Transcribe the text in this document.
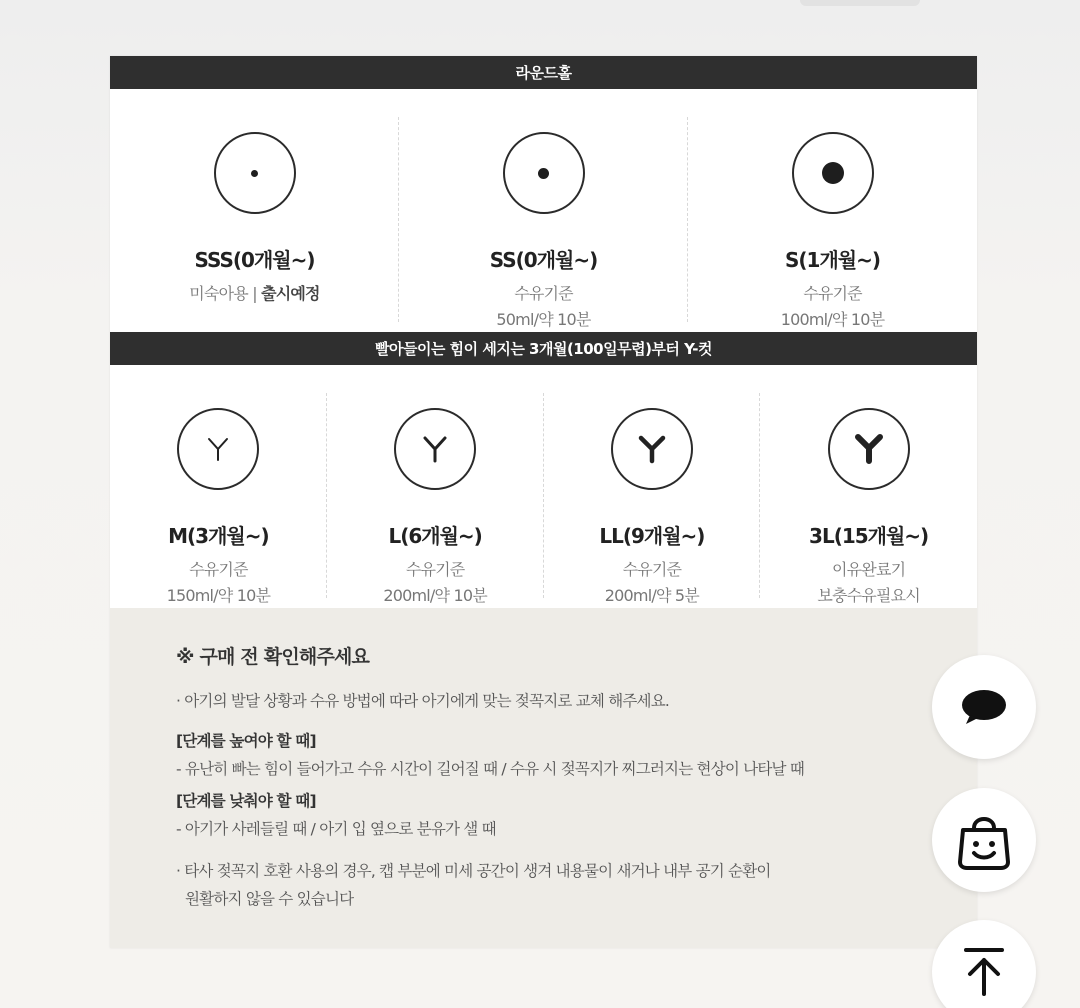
라운드홀
SSS(0개월~)
미숙아용 | 출시예정
SS(0개월~)
수유기준
50ml/약 10분
S(1개월~)
수유기준
100ml/약 10분
빨아들이는 힘이 세지는 3개월(100일무렵)부터 Y-컷
M(3개월~)
수유기준
150ml/약 10분
L(6개월~)
수유기준
200ml/약 10분
LL(9개월~)
수유기준
200ml/약 5분
3L(15개월~)
이유완료기
보충수유필요시
※ 구매 전 확인해주세요
· 아기의 발달 상황과 수유 방법에 따라 아기에게 맞는 젖꼭지로 교체 해주세요.
[단계를 높여야 할 때]
- 유난히 빠는 힘이 들어가고 수유 시간이 길어질 때 / 수유 시 젖꼭지가 찌그러지는 현상이 나타날 때
[단계를 낮춰야 할 때]
- 아기가 사레들릴 때 / 아기 입 옆으로 분유가 샐 때
· 타사 젖꼭지 호환 사용의 경우, 캡 부분에 미세 공간이 생겨 내용물이 새거나 내부 공기 순환이
원활하지 않을 수 있습니다
